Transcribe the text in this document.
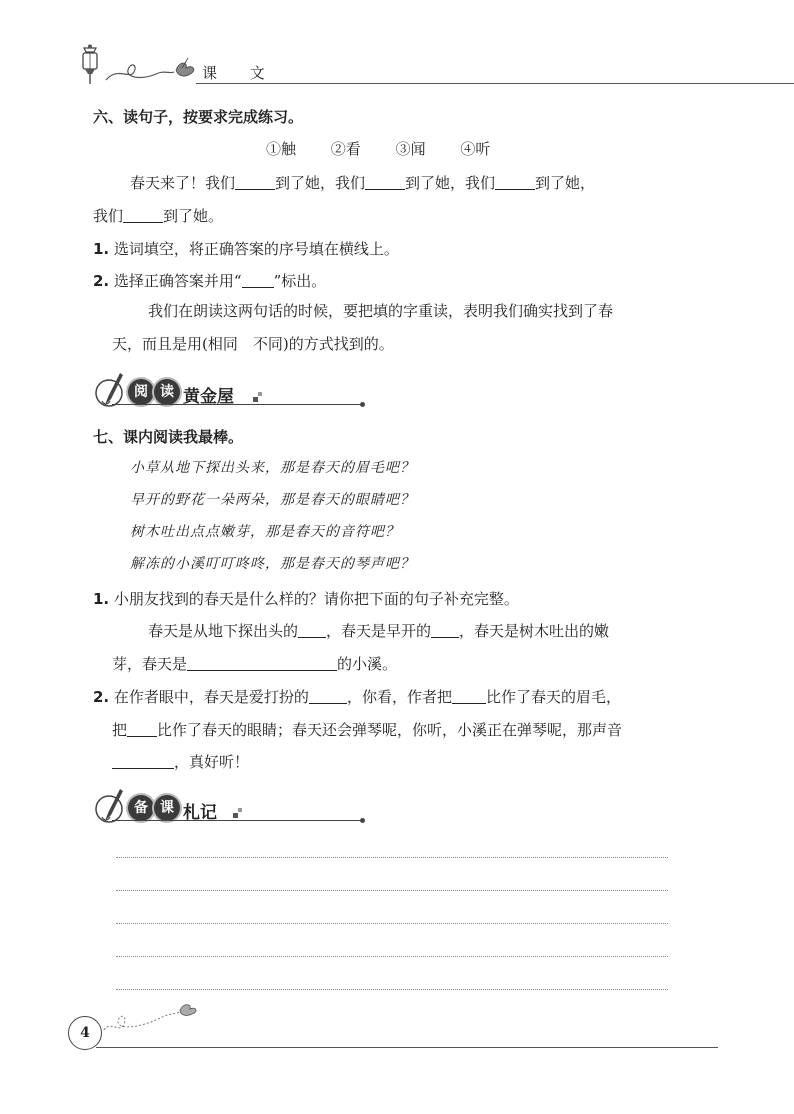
课 文
六、读句子，按要求完成练习。
①触 ②看 ③闻 ④听
春天来了！我们	到了她，我们	到了她，我们	到了她，
我们	到了她。
1. 选词填空，将正确答案的序号填在横线上。
2. 选择正确答案并用“ ”标出。
我们在朗读这两句话的时候，要把填的字重读，表明我们确实找到了春
天，而且是用(相同　不同)的方式找到的。
阅 读 黄金屋
七、课内阅读我最棒。
小草从地下探出头来，那是春天的眉毛吧？
早开的野花一朵两朵，那是春天的眼睛吧？
树木吐出点点嫩芽，那是春天的音符吧？
解冻的小溪叮叮咚咚，那是春天的琴声吧？
1. 小朋友找到的春天是什么样的？请你把下面的句子补充完整。
春天是从地下探出头的 ，春天是早开的 ，春天是树木吐出的嫩
芽，春天是	的小溪。
2. 在作者眼中，春天是爱打扮的	，你看，作者把 比作了春天的眉毛，
把 比作了春天的眼睛；春天还会弹琴呢，你听，小溪正在弹琴呢，那声音
，真好听！
备 课 札记
4
